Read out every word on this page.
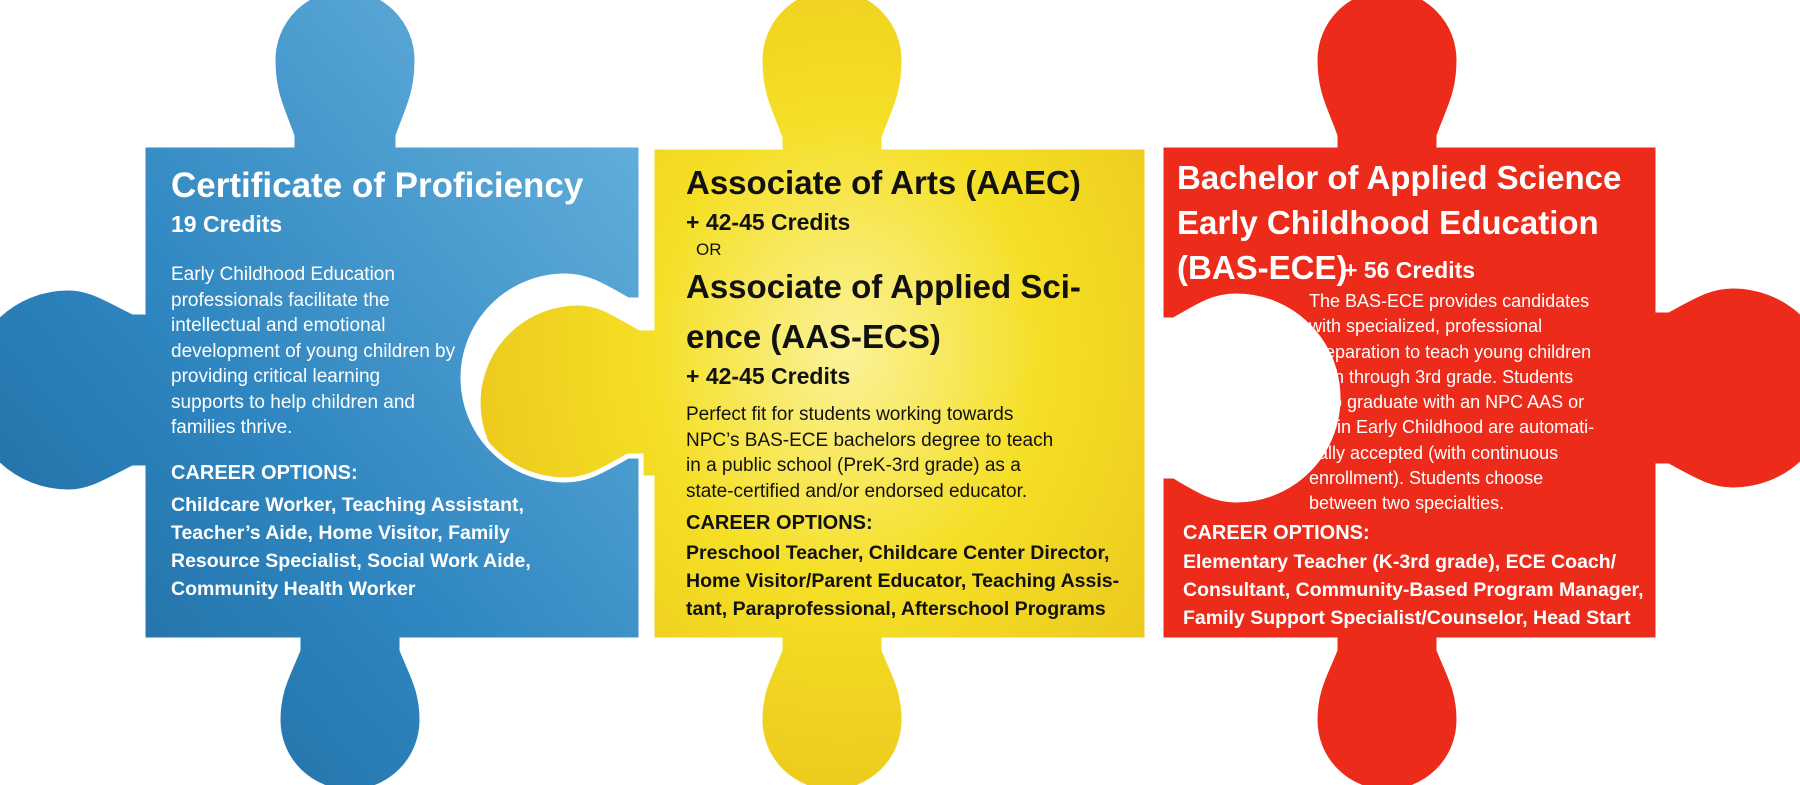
Certificate of Proficiency
19 Credits
Early Childhood Education
professionals facilitate the
intellectual and emotional
development of young children by
providing critical learning
supports to help children and
families thrive.
CAREER OPTIONS:
Childcare Worker, Teaching Assistant,
Teacher’s Aide, Home Visitor, Family
Resource Specialist, Social Work Aide,
Community Health Worker
Associate of Arts (AAEC)
+ 42-45 Credits
OR
Associate of Applied Sci-
ence (AAS-ECS)
+ 42-45 Credits
Perfect fit for students working towards
NPC’s BAS-ECE bachelors degree to teach
in a public school (PreK-3rd grade) as a
state-certified and/or endorsed educator.
CAREER OPTIONS:
Preschool Teacher, Childcare Center Director,
Home Visitor/Parent Educator, Teaching Assis-
tant, Paraprofessional, Afterschool Programs
Bachelor of Applied Science
Early Childhood Education
(BAS-ECE)
+ 56 Credits
The BAS-ECE provides candidates
with specialized, professional
preparation to teach young children
birth through 3rd grade. Students
who graduate with an NPC AAS or
AA in Early Childhood are automati-
cally accepted (with continuous
enrollment). Students choose
between two specialties.
CAREER OPTIONS:
Elementary Teacher (K-3rd grade), ECE Coach/
Consultant, Community-Based Program Manager,
Family Support Specialist/Counselor, Head Start
